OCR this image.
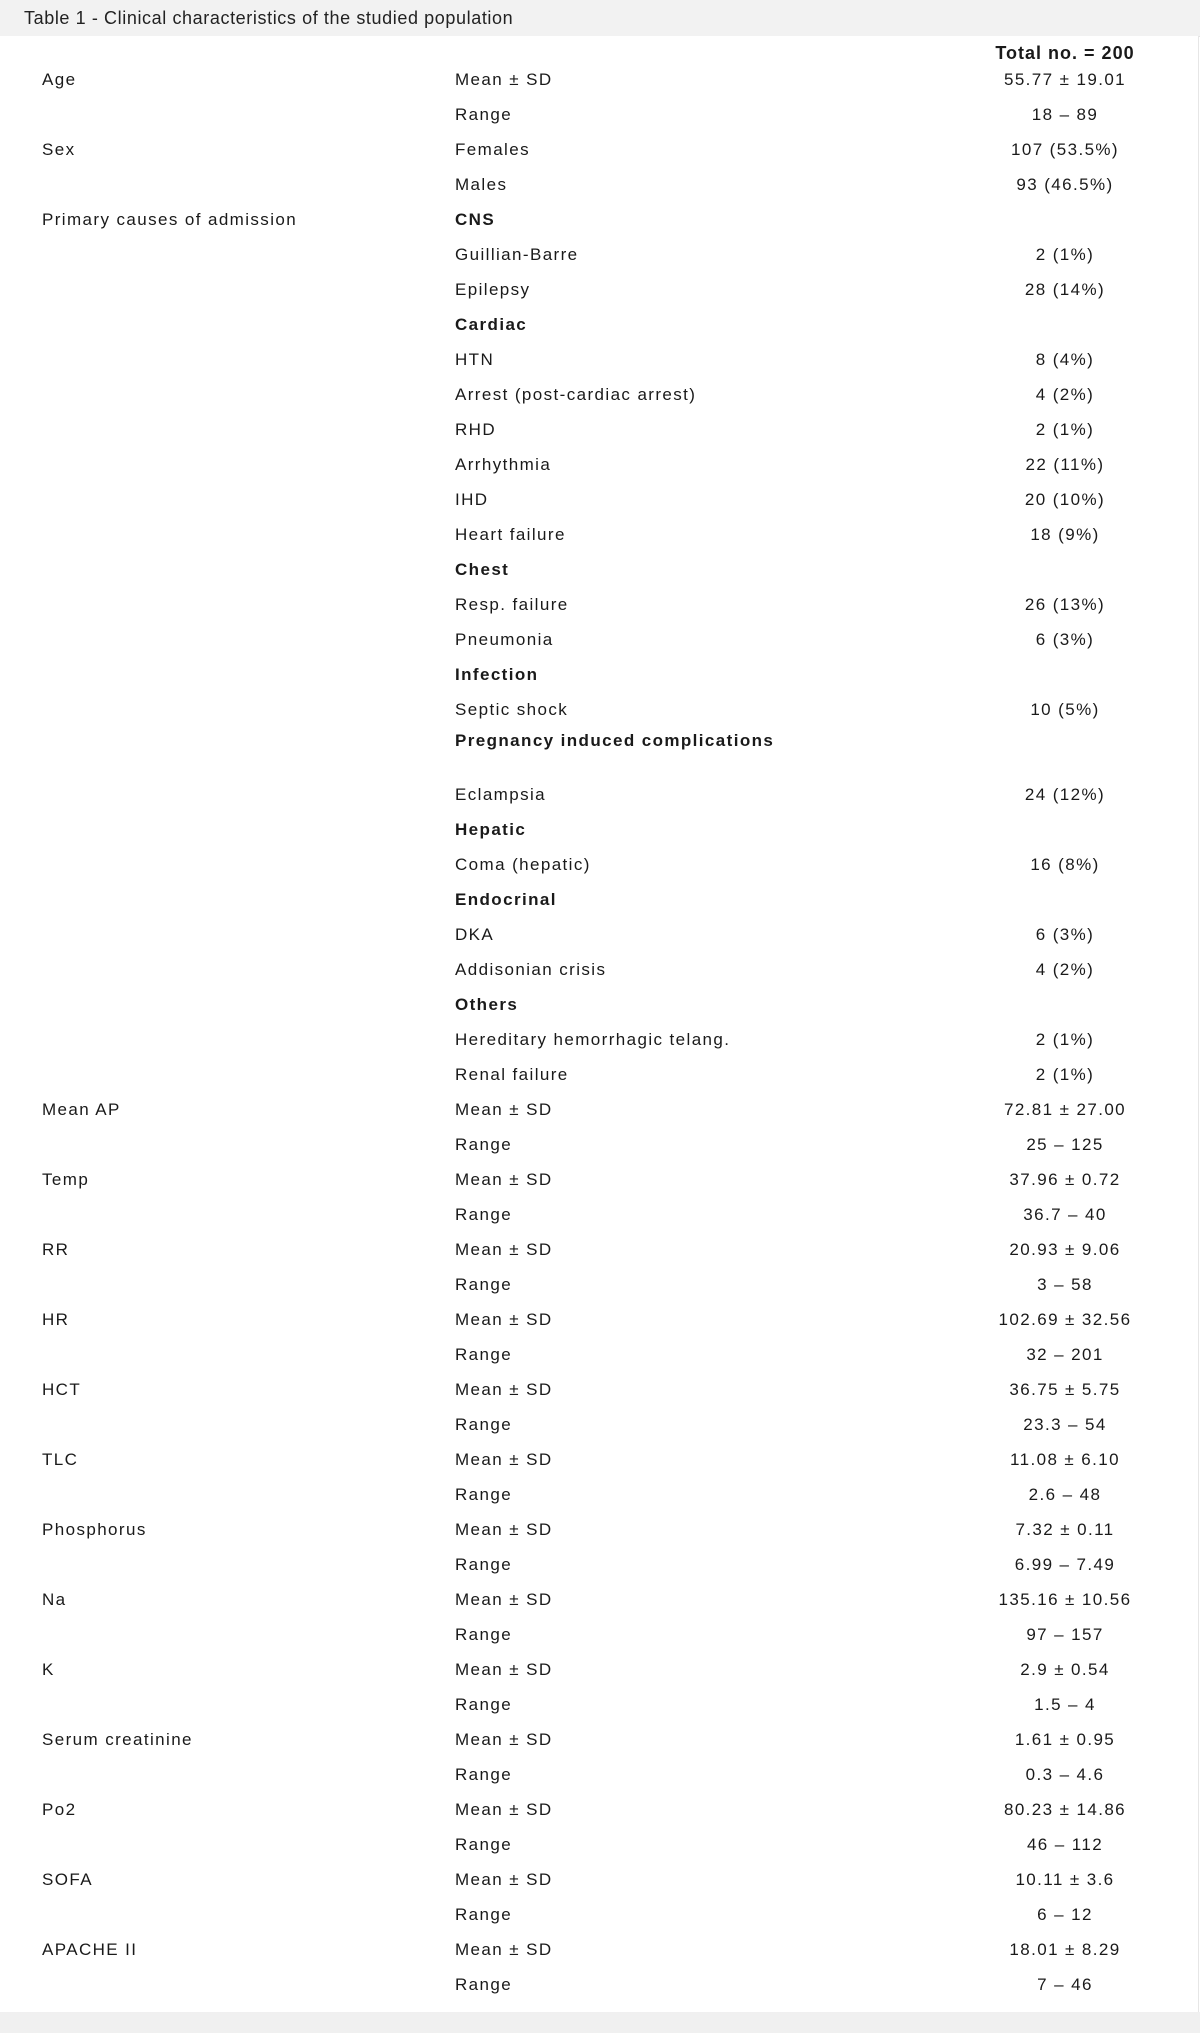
Table 1 - Clinical characteristics of the studied population
Total no. = 200
Age	Mean ± SD	55.77 ± 19.01
Range	18 – 89
Sex	Females	107 (53.5%)
Males	93 (46.5%)
Primary causes of admission	CNS
Guillian-Barre	2 (1%)
Epilepsy	28 (14%)
Cardiac
HTN	8 (4%)
Arrest (post-cardiac arrest)	4 (2%)
RHD	2 (1%)
Arrhythmia	22 (11%)
IHD	20 (10%)
Heart failure	18 (9%)
Chest
Resp. failure	26 (13%)
Pneumonia	6 (3%)
Infection
Septic shock	10 (5%)
Pregnancy induced complications
Eclampsia	24 (12%)
Hepatic
Coma (hepatic)	16 (8%)
Endocrinal
DKA	6 (3%)
Addisonian crisis	4 (2%)
Others
Hereditary hemorrhagic telang.	2 (1%)
Renal failure	2 (1%)
Mean AP	Mean ± SD	72.81 ± 27.00
Range	25 – 125
Temp	Mean ± SD	37.96 ± 0.72
Range	36.7 – 40
RR	Mean ± SD	20.93 ± 9.06
Range	3 – 58
HR	Mean ± SD	102.69 ± 32.56
Range	32 – 201
HCT	Mean ± SD	36.75 ± 5.75
Range	23.3 – 54
TLC	Mean ± SD	11.08 ± 6.10
Range	2.6 – 48
Phosphorus	Mean ± SD	7.32 ± 0.11
Range	6.99 – 7.49
Na	Mean ± SD	135.16 ± 10.56
Range	97 – 157
K	Mean ± SD	2.9 ± 0.54
Range	1.5 – 4
Serum creatinine	Mean ± SD	1.61 ± 0.95
Range	0.3 – 4.6
Po2	Mean ± SD	80.23 ± 14.86
Range	46 – 112
SOFA	Mean ± SD	10.11 ± 3.6
Range	6 – 12
APACHE II	Mean ± SD	18.01 ± 8.29
Range	7 – 46
